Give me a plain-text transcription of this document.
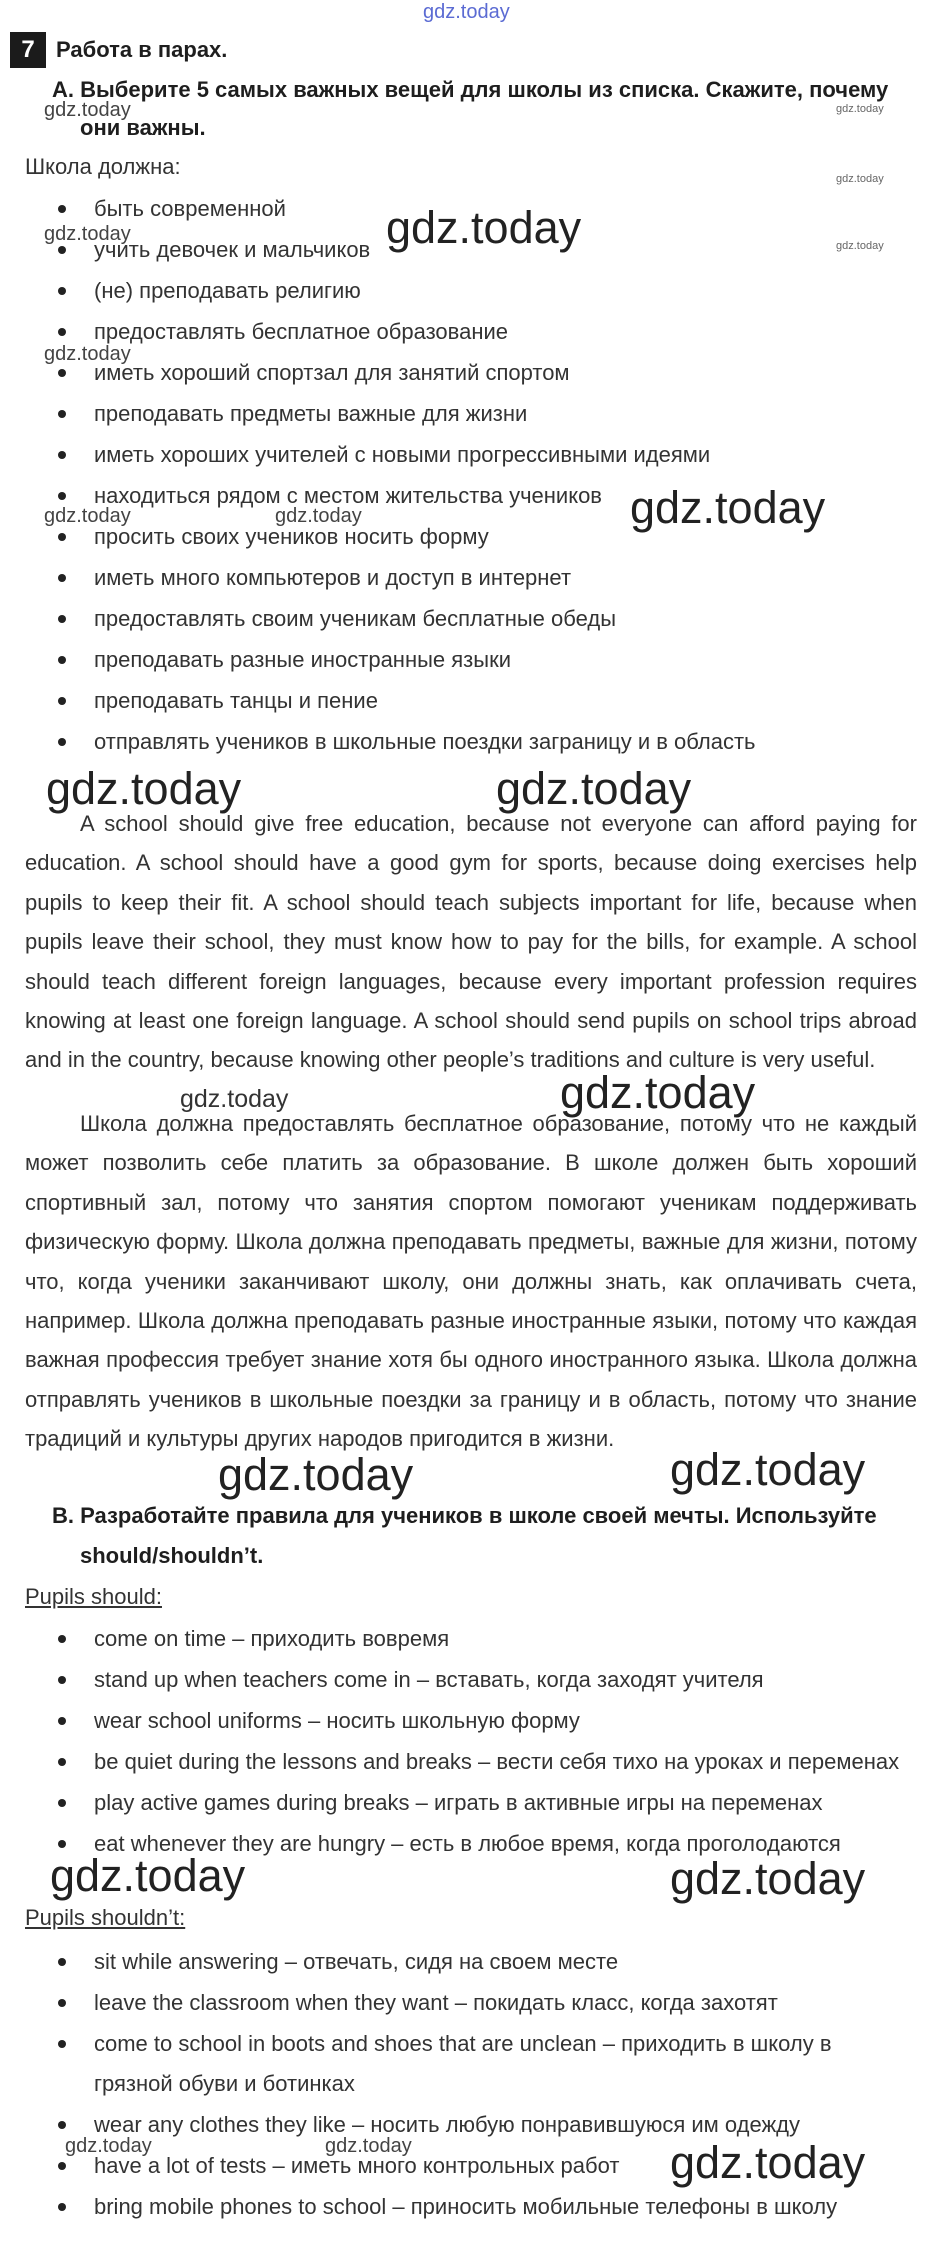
gdz.today
7 Работа в парах.
A. Выберите 5 самых важных вещей для школы из списка. Скажите, почему
они важны.
Школа должна:
быть современной
учить девочек и мальчиков
(не) преподавать религию
предоставлять бесплатное образование
иметь хороший спортзал для занятий спортом
преподавать предметы важные для жизни
иметь хороших учителей с новыми прогрессивными идеями
находиться рядом с местом жительства учеников
просить своих учеников носить форму
иметь много компьютеров и доступ в интернет
предоставлять своим ученикам бесплатные обеды
преподавать разные иностранные языки
преподавать танцы и пение
отправлять учеников в школьные поездки заграницу и в область

A school should give free education, because not everyone can afford paying for education. A school should have a good gym for sports, because doing exercises help pupils to keep their fit. A school should teach subjects important for life, because when pupils leave their school, they must know how to pay for the bills, for example. A school should teach different foreign languages, because every important profession requires knowing at least one foreign language. A school should send pupils on school trips abroad and in the country, because knowing other people’s traditions and culture is very useful.

Школа должна предоставлять бесплатное образование, потому что не каждый может позволить себе платить за образование. В школе должен быть хороший спортивный зал, потому что занятия спортом помогают ученикам поддерживать физическую форму. Школа должна преподавать предметы, важные для жизни, потому что, когда ученики заканчивают школу, они должны знать, как оплачивать счета, например. Школа должна преподавать разные иностранные языки, потому что каждая важная профессия требует знание хотя бы одного иностранного языка. Школа должна отправлять учеников в школьные поездки за границу и в область, потому что знание традиций и культуры других народов пригодится в жизни.

B. Разработайте правила для учеников в школе своей мечты. Используйте
should/shouldn’t.
Pupils should:
come on time – приходить вовремя
stand up when teachers come in – вставать, когда заходят учителя
wear school uniforms – носить школьную форму
be quiet during the lessons and breaks – вести себя тихо на уроках и переменах
play active games during breaks – играть в активные игры на переменах
eat whenever they are hungry – есть в любое время, когда проголодаются
Pupils shouldn’t:
sit while answering – отвечать, сидя на своем месте
leave the classroom when they want – покидать класс, когда захотят
come to school in boots and shoes that are unclean – приходить в школу в
грязной обуви и ботинках
wear any clothes they like – носить любую понравившуюся им одежду
have a lot of tests – иметь много контрольных работ
bring mobile phones to school – приносить мобильные телефоны в школу
gdz.today	gdz.today
gdz.today
gdz.today
gdz.today
gdz.today
gdz.today
gdz.today	gdz.today	gdz.today
gdz.today	gdz.today
gdz.today	gdz.today
gdz.today	gdz.today
gdz.today	gdz.today
gdz.today	gdz.today	gdz.today
